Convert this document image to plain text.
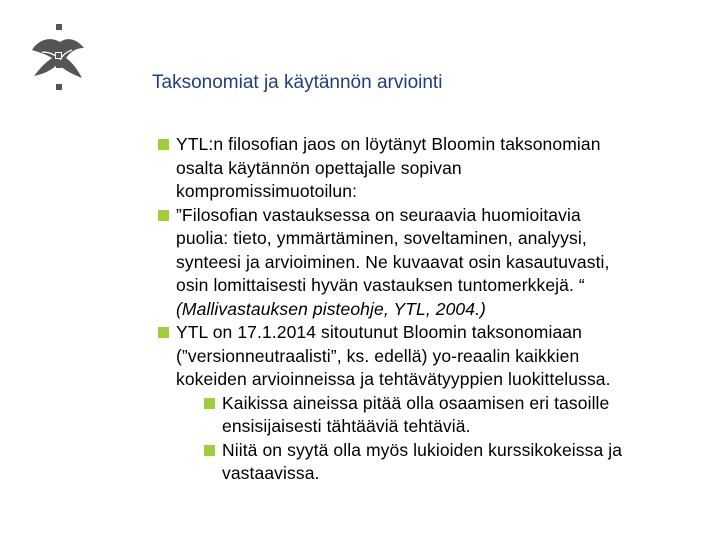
Taksonomiat ja käytännön arviointi
YTL:n filosofian jaos on löytänyt Bloomin taksonomian
osalta käytännön opettajalle sopivan
kompromissimuotoilun:
”Filosofian vastauksessa on seuraavia huomioitavia
puolia: tieto, ymmärtäminen, soveltaminen, analyysi,
synteesi ja arvioiminen. Ne kuvaavat osin kasautuvasti,
osin lomittaisesti hyvän vastauksen tuntomerkkejä. “
(Mallivastauksen pisteohje, YTL, 2004.)
YTL on 17.1.2014 sitoutunut Bloomin taksonomiaan
(”versionneutraalisti”, ks. edellä) yo-reaalin kaikkien
kokeiden arvioinneissa ja tehtävätyyppien luokittelussa.
Kaikissa aineissa pitää olla osaamisen eri tasoille
ensisijaisesti tähtääviä tehtäviä.
Niitä on syytä olla myös lukioiden kurssikokeissa ja
vastaavissa.
